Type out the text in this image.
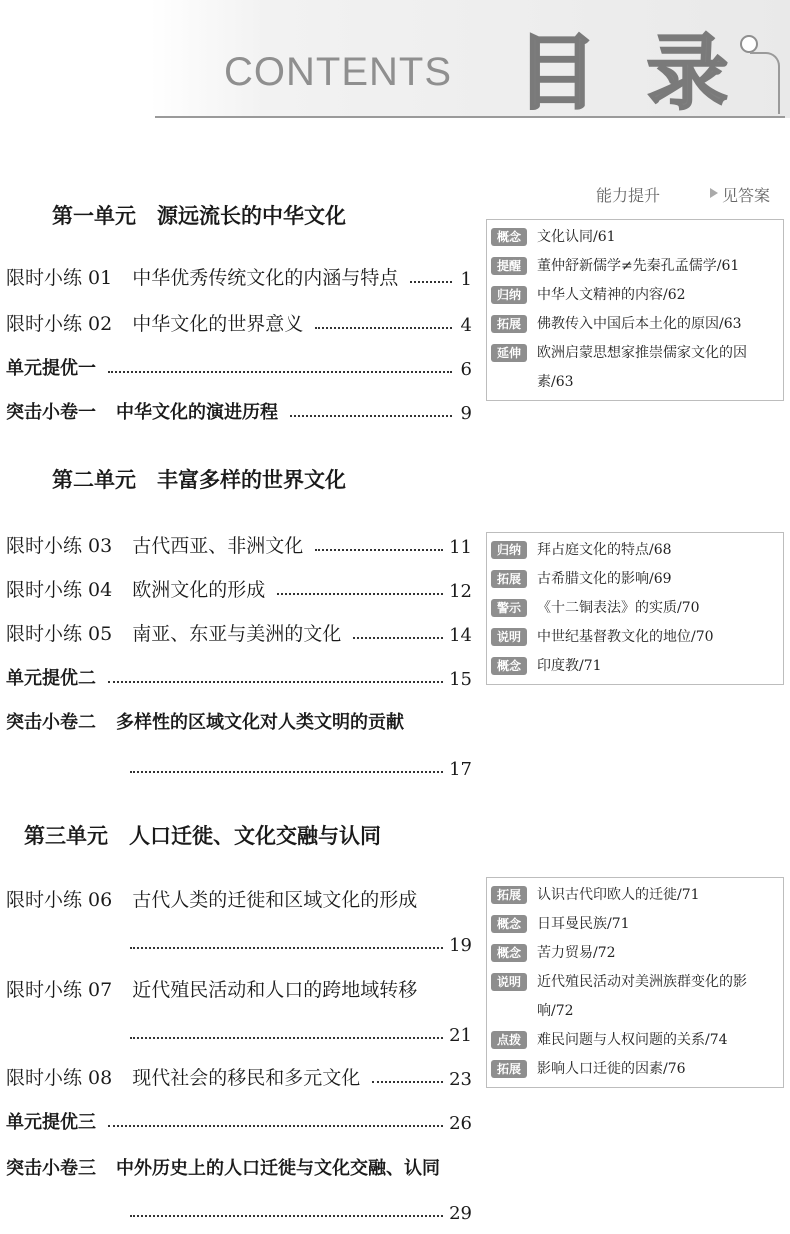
CONTENTS 目 录
能力提升	见答案
第一单元　源远流长的中华文化
限时小练 01 中华优秀传统文化的内涵与特点	1
限时小练 02 中华文化的世界意义	4
单元提优一	6
突击小卷一 中华文化的演进历程	9
概念	文化认同/61
提醒	董仲舒新儒学≠先秦孔孟儒学/61
归纳	中华人文精神的内容/62
拓展	佛教传入中国后本土化的原因/63
延伸	欧洲启蒙思想家推崇儒家文化的因素/63
第二单元　丰富多样的世界文化
限时小练 03 古代西亚、非洲文化	11
限时小练 04 欧洲文化的形成	12
限时小练 05 南亚、东亚与美洲的文化	14
单元提优二	15
突击小卷二 多样性的区域文化对人类文明的贡献
17
归纳	拜占庭文化的特点/68
拓展	古希腊文化的影响/69
警示	《十二铜表法》的实质/70
说明	中世纪基督教文化的地位/70
概念	印度教/71
第三单元　人口迁徙、文化交融与认同
限时小练 06 古代人类的迁徙和区域文化的形成
19
限时小练 07 近代殖民活动和人口的跨地域转移
21
限时小练 08 现代社会的移民和多元文化	23
单元提优三	26
突击小卷三 中外历史上的人口迁徙与文化交融、认同
29
拓展	认识古代印欧人的迁徙/71
概念	日耳曼民族/71
概念	苦力贸易/72
说明	近代殖民活动对美洲族群变化的影响/72
点拨	难民问题与人权问题的关系/74
拓展	影响人口迁徙的因素/76
